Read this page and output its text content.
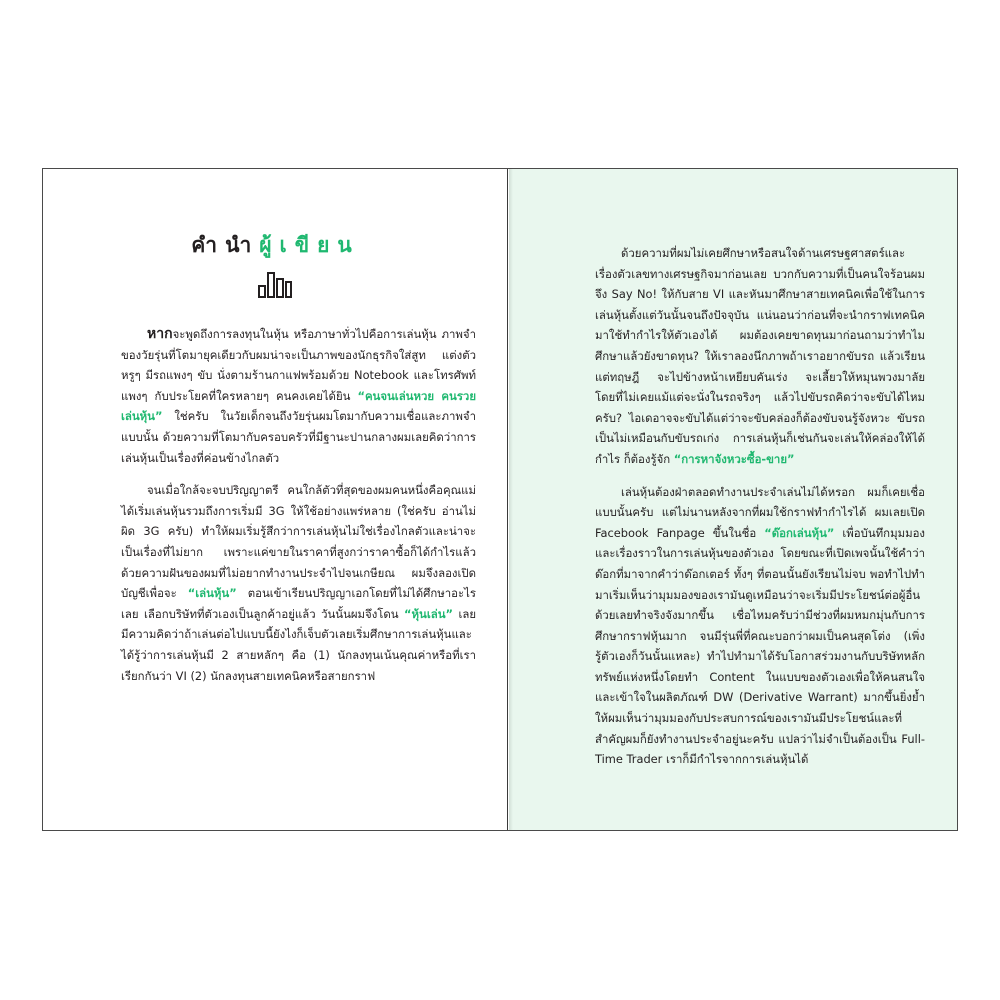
คำนำผู้เขียน

หากจะพูดถึงการลงทุนในหุ้น หรือภาษาทั่วไปคือการเล่นหุ้น ภาพจำของวัยรุ่นที่โตมายุคเดียวกับผมน่าจะเป็นภาพของนักธุรกิจใส่สูท แต่งตัวหรูๆ มีรถแพงๆ ขับ นั่งตามร้านกาแฟพร้อมด้วย Notebook และโทรศัพท์แพงๆ กับประโยคที่ใครหลายๆ คนคงเคยได้ยิน “คนจนเล่นหวย คนรวยเล่นหุ้น” ใช่ครับ ในวัยเด็กจนถึงวัยรุ่นผมโตมากับความเชื่อและภาพจำแบบนั้น ด้วยความที่โตมากับครอบครัวที่มีฐานะปานกลางผมเลยคิดว่าการเล่นหุ้นเป็นเรื่องที่ค่อนข้างไกลตัว

จนเมื่อใกล้จะจบปริญญาตรี คนใกล้ตัวที่สุดของผมคนหนึ่งคือคุณแม่ได้เริ่มเล่นหุ้นรวมถึงการเริ่มมี 3G ให้ใช้อย่างแพร่หลาย (ใช่ครับ อ่านไม่ผิด 3G ครับ) ทำให้ผมเริ่มรู้สึกว่าการเล่นหุ้นไม่ใช่เรื่องไกลตัวและน่าจะเป็นเรื่องที่ไม่ยาก เพราะแค่ขายในราคาที่สูงกว่าราคาซื้อก็ได้กำไรแล้ว ด้วยความฝันของผมที่ไม่อยากทำงานประจำไปจนเกษียณ ผมจึงลองเปิดบัญชีเพื่อจะ “เล่นหุ้น” ตอนเข้าเรียนปริญญาเอกโดยที่ไม่ได้ศึกษาอะไรเลย เลือกบริษัทที่ตัวเองเป็นลูกค้าอยู่แล้ว วันนั้นผมจึงโดน “หุ้นเล่น” เลยมีความคิดว่าถ้าเล่นต่อไปแบบนี้ยังไงก็เจ็บตัวเลยเริ่มศึกษาการเล่นหุ้นและได้รู้ว่าการเล่นหุ้นมี 2 สายหลักๆ คือ (1) นักลงทุนเน้นคุณค่าหรือที่เราเรียกกันว่า VI (2) นักลงทุนสายเทคนิคหรือสายกราฟ

ด้วยความที่ผมไม่เคยศึกษาหรือสนใจด้านเศรษฐศาสตร์และเรื่องตัวเลขทางเศรษฐกิจมาก่อนเลย บวกกับความที่เป็นคนใจร้อนผมจึง Say No! ให้กับสาย VI และหันมาศึกษาสายเทคนิคเพื่อใช้ในการเล่นหุ้นตั้งแต่วันนั้นจนถึงปัจจุบัน แน่นอนว่าก่อนที่จะนำกราฟเทคนิคมาใช้ทำกำไรให้ตัวเองได้ ผมต้องเคยขาดทุนมาก่อนถามว่าทำไมศึกษาแล้วยังขาดทุน? ให้เราลองนึกภาพถ้าเราอยากขับรถ แล้วเรียนแต่ทฤษฎี จะไปข้างหน้าเหยียบคันเร่ง จะเลี้ยวให้หมุนพวงมาลัย โดยที่ไม่เคยแม้แต่จะนั่งในรถจริงๆ แล้วไปขับรถคิดว่าจะขับได้ไหมครับ? ไอเดอาจจะขับได้แต่ว่าจะขับคล่องก็ต้องขับจนรู้จังหวะ ขับรถเป็นไม่เหมือนกับขับรถเก่ง การเล่นหุ้นก็เช่นกันจะเล่นให้คล่องให้ได้กำไร ก็ต้องรู้จัก “การหาจังหวะซื้อ-ขาย”

เล่นหุ้นต้องฝ่าตลอดทำงานประจำเล่นไม่ได้หรอก ผมก็เคยเชื่อแบบนั้นครับ แต่ไม่นานหลังจากที่ผมใช้กราฟทำกำไรได้ ผมเลยเปิด Facebook Fanpage ขึ้นในชื่อ “ด๊อกเล่นหุ้น” เพื่อบันทึกมุมมองและเรื่องราวในการเล่นหุ้นของตัวเอง โดยขณะที่เปิดเพจนั้นใช้คำว่าด๊อกที่มาจากคำว่าด๊อกเตอร์ ทั้งๆ ที่ตอนนั้นยังเรียนไม่จบ พอทำไปทำมาเริ่มเห็นว่ามุมมองของเรามันดูเหมือนว่าจะเริ่มมีประโยชน์ต่อผู้อื่นด้วยเลยทำจริงจังมากขึ้น เชื่อไหมครับว่ามีช่วงที่ผมหมกมุ่นกับการศึกษากราฟหุ้นมาก จนมีรุ่นพี่ที่คณะบอกว่าผมเป็นคนสุดโต่ง (เพิ่งรู้ตัวเองก็วันนั้นแหละ) ทำไปทำมาได้รับโอกาสร่วมงานกับบริษัทหลักทรัพย์แห่งหนึ่งโดยทำ Content ในแบบของตัวเองเพื่อให้คนสนใจและเข้าใจในผลิตภัณฑ์ DW (Derivative Warrant) มากขึ้นยิ่งย้ำให้ผมเห็นว่ามุมมองกับประสบการณ์ของเรามันมีประโยชน์และที่สำคัญผมก็ยังทำงานประจำอยู่นะครับ แปลว่าไม่จำเป็นต้องเป็น Full-Time Trader เราก็มีกำไรจากการเล่นหุ้นได้
